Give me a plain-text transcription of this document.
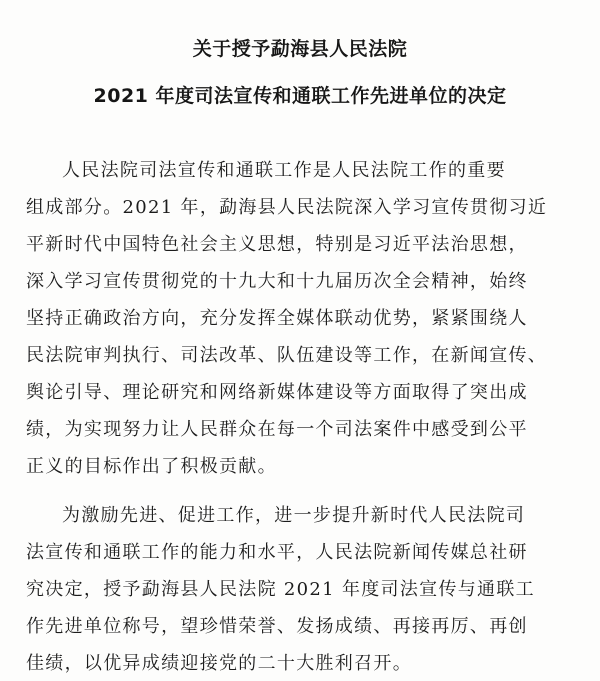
关于授予勐海县人民法院
2021 年度司法宣传和通联工作先进单位的决定
人民法院司法宣传和通联工作是人民法院工作的重要
组成部分。2021 年，勐海县人民法院深入学习宣传贯彻习近
平新时代中国特色社会主义思想，特别是习近平法治思想，
深入学习宣传贯彻党的十九大和十九届历次全会精神，始终
坚持正确政治方向，充分发挥全媒体联动优势，紧紧围绕人
民法院审判执行、司法改革、队伍建设等工作，在新闻宣传、
舆论引导、理论研究和网络新媒体建设等方面取得了突出成
绩，为实现努力让人民群众在每一个司法案件中感受到公平
正义的目标作出了积极贡献。
为激励先进、促进工作，进一步提升新时代人民法院司
法宣传和通联工作的能力和水平，人民法院新闻传媒总社研
究决定，授予勐海县人民法院 2021 年度司法宣传与通联工
作先进单位称号，望珍惜荣誉、发扬成绩、再接再厉、再创
佳绩，以优异成绩迎接党的二十大胜利召开。
